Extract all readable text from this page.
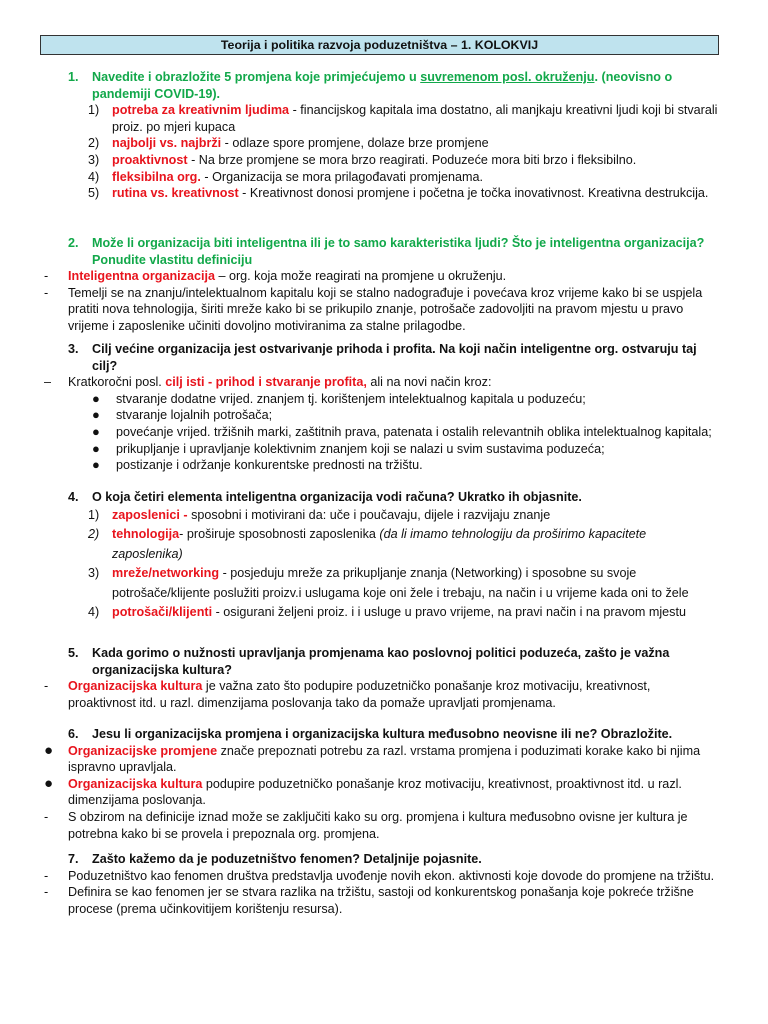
Teorija i politika razvoja poduzetništva – 1. KOLOKVIJ
1. Navedite i obrazložite 5 promjena koje primjećujemo u suvremenom posl. okruženju. (neovisno o pandemiji COVID-19).
1) potreba za kreativnim ljudima - financijskog kapitala ima dostatno, ali manjkaju kreativni ljudi koji bi stvarali proiz. po mjeri kupaca
2) najbolji vs. najbrži - odlaze spore promjene, dolaze brze promjene
3) proaktivnost - Na brze promjene se mora brzo reagirati. Poduzeće mora biti brzo i fleksibilno.
4) fleksibilna org. - Organizacija se mora prilagođavati promjenama.
5) rutina vs. kreativnost - Kreativnost donosi promjene i početna je točka inovativnost. Kreativna destrukcija.
2. Može li organizacija biti inteligentna ili je to samo karakteristika ljudi? Što je inteligentna organizacija? Ponudite vlastitu definiciju
- Inteligentna organizacija – org. koja može reagirati na promjene u okruženju.
- Temelji se na znanju/intelektualnom kapitalu koji se stalno nadograđuje i povećava kroz vrijeme kako bi se uspjela pratiti nova tehnologija, širiti mreže kako bi se prikupilo znanje, potrošače zadovoljiti na pravom mjestu u pravo vrijeme i zaposlenike učiniti dovoljno motiviranima za stalne prilagodbe.
3. Cilj većine organizacija jest ostvarivanje prihoda i profita. Na koji način inteligentne org. ostvaruju taj cilj?
– Kratkoročni posl. cilj isti - prihod i stvaranje profita, ali na novi način kroz:
● stvaranje dodatne vrijed. znanjem tj. korištenjem intelektualnog kapitala u poduzeću;
● stvaranje lojalnih potrošača;
● povećanje vrijed. tržišnih marki, zaštitnih prava, patenata i ostalih relevantnih oblika intelektualnog kapitala;
● prikupljanje i upravljanje kolektivnim znanjem koji se nalazi u svim sustavima poduzeća;
● postizanje i održanje konkurentske prednosti na tržištu.
4. O koja četiri elementa inteligentna organizacija vodi računa? Ukratko ih objasnite.
1) zaposlenici - sposobni i motivirani da: uče i poučavaju, dijele i razvijaju znanje
2) tehnologija- proširuje sposobnosti zaposlenika (da li imamo tehnologiju da proširimo kapacitete zaposlenika)
3) mreže/networking - posjeduju mreže za prikupljanje znanja (Networking) i sposobne su svoje potrošače/klijente poslužiti proizv.i uslugama koje oni žele i trebaju, na način i u vrijeme kada oni to žele
4) potrošači/klijenti - osigurani željeni proiz. i i usluge u pravo vrijeme, na pravi način i na pravom mjestu
5. Kada gorimo o nužnosti upravljanja promjenama kao poslovnoj politici poduzeća, zašto je važna organizacijska kultura?
- Organizacijska kultura je važna zato što podupire poduzetničko ponašanje kroz motivaciju, kreativnost, proaktivnost itd. u razl. dimenzijama poslovanja tako da pomaže upravljati promjenama.
6. Jesu li organizacijska promjena i organizacijska kultura međusobno neovisne ili ne? Obrazložite.
● Organizacijske promjene znače prepoznati potrebu za razl. vrstama promjena i poduzimati korake kako bi njima ispravno upravljala.
● Organizacijska kultura podupire poduzetničko ponašanje kroz motivaciju, kreativnost, proaktivnost itd. u razl. dimenzijama poslovanja.
- S obzirom na definicije iznad može se zaključiti kako su org. promjena i kultura međusobno ovisne jer kultura je potrebna kako bi se provela i prepoznala org. promjena.
7. Zašto kažemo da je poduzetništvo fenomen? Detaljnije pojasnite.
- Poduzetništvo kao fenomen društva predstavlja uvođenje novih ekon. aktivnosti koje dovode do promjene na tržištu.
- Definira se kao fenomen jer se stvara razlika na tržištu, sastoji od konkurentskog ponašanja koje pokreće tržišne procese (prema učinkovitijem korištenju resursa).
